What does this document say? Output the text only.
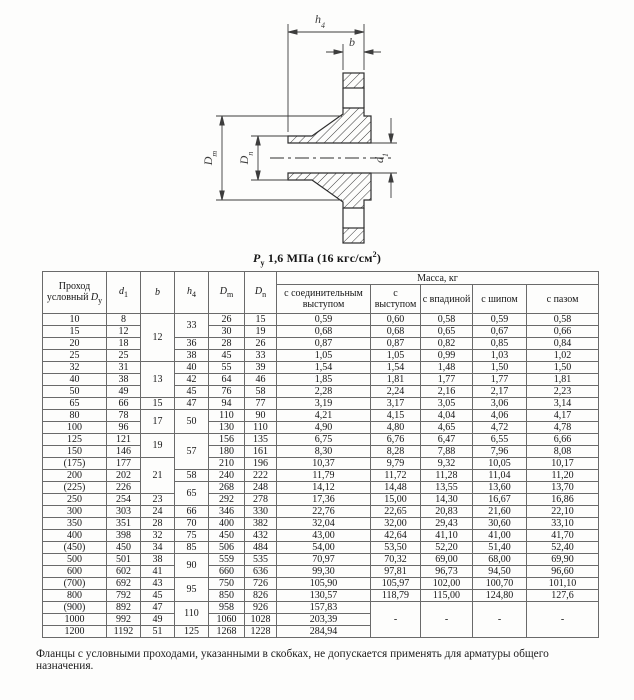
$h_4$
b
$D_m$
$D_n$
$d_1$
$P_у$ 1,6 МПа (16 кгс/$см^2$)
Проход условный $D_у$	$d_1$	b	$h_4$	$D_m$	$D_n$	Масса, кг				
						с соединительным выступом	с выступом	с впадиной	с шипом	с пазом
10	8	12	33	26	15	0,59	0,60	0,58	0,59	0,58
15	12			30	19	0,68	0,68	0,65	0,67	0,66
20	18		36	28	26	0,87	0,87	0,82	0,85	0,84
25	25		38	45	33	1,05	1,05	0,99	1,03	1,02
32	31	13	40	55	39	1,54	1,54	1,48	1,50	1,50
40	38		42	64	46	1,85	1,81	1,77	1,77	1,81
50	49		45	76	58	2,28	2,24	2,16	2,17	2,23
65	66	15	47	94	77	3,19	3,17	3,05	3,06	3,14
80	78	17	50	110	90	4,21	4,15	4,04	4,06	4,17
100	96			130	110	4,90	4,80	4,65	4,72	4,78
125	121	19	57	156	135	6,75	6,76	6,47	6,55	6,66
150	146			180	161	8,30	8,28	7,88	7,96	8,08
(175)	177	21		210	196	10,37	9,79	9,32	10,05	10,17
200	202		58	240	222	11,79	11,72	11,28	11,04	11,20
(225)	226		65	268	248	14,12	14,48	13,55	13,60	13,70
250	254	23		292	278	17,36	15,00	14,30	16,67	16,86
300	303	24	66	346	330	22,76	22,65	20,83	21,60	22,10
350	351	28	70	400	382	32,04	32,00	29,43	30,60	33,10
400	398	32	75	450	432	43,00	42,64	41,10	41,00	41,70
(450)	450	34	85	506	484	54,00	53,50	52,20	51,40	52,40
500	501	38	90	559	535	70,97	70,32	69,00	68,00	69,90
600	602	41		660	636	99,30	97,81	96,73	94,50	96,60
(700)	692	43	95	750	726	105,90	105,97	102,00	100,70	101,10
800	792	45		850	826	130,57	118,79	115,00	124,80	127,6
(900)	892	47	110	958	926	157,83	-	-	-	-
1000	992	49		1060	1028	203,39				
1200	1192	51	125	1268	1228	284,94				
Фланцы с условными проходами, указанными в скобках, не допускается применять для арматуры общего назначения.
